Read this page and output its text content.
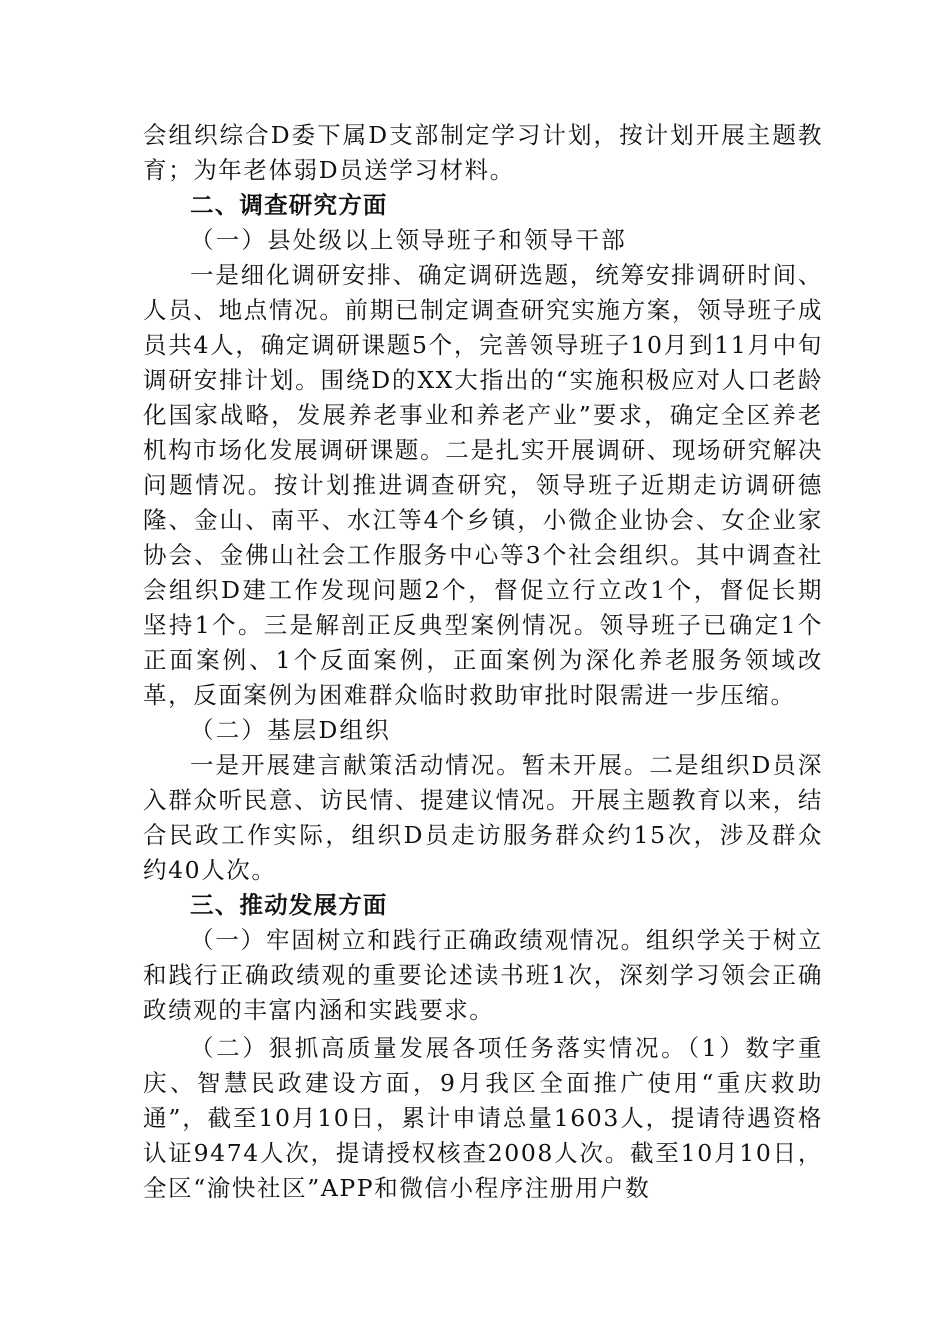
会组织综合D委下属D支部制定学习计划，按计划开展主题教育；为年老体弱D员送学习材料。

二、调查研究方面

（一）县处级以上领导班子和领导干部

一是细化调研安排、确定调研选题，统筹安排调研时间、人员、地点情况。前期已制定调查研究实施方案，领导班子成员共4人，确定调研课题5个，完善领导班子10月到11月中旬调研安排计划。围绕D的XX大指出的“实施积极应对人口老龄化国家战略，发展养老事业和养老产业”要求，确定全区养老机构市场化发展调研课题。二是扎实开展调研、现场研究解决问题情况。按计划推进调查研究，领导班子近期走访调研德隆、金山、南平、水江等4个乡镇，小微企业协会、女企业家协会、金佛山社会工作服务中心等3个社会组织。其中调查社会组织D建工作发现问题2个，督促立行立改1个，督促长期坚持1个。三是解剖正反典型案例情况。领导班子已确定1个正面案例、1个反面案例，正面案例为深化养老服务领域改革，反面案例为困难群众临时救助审批时限需进一步压缩。

（二）基层D组织

一是开展建言献策活动情况。暂未开展。二是组织D员深入群众听民意、访民情、提建议情况。开展主题教育以来，结合民政工作实际，组织D员走访服务群众约15次，涉及群众约40人次。

三、推动发展方面

（一）牢固树立和践行正确政绩观情况。组织学关于树立和践行正确政绩观的重要论述读书班1次，深刻学习领会正确政绩观的丰富内涵和实践要求。

（二）狠抓高质量发展各项任务落实情况。（1）数字重庆、智慧民政建设方面，9月我区全面推广使用“重庆救助通”，截至10月10日，累计申请总量1603人，提请待遇资格认证9474人次，提请授权核查2008人次。截至10月10日，全区“渝快社区”APP和微信小程序注册用户数
